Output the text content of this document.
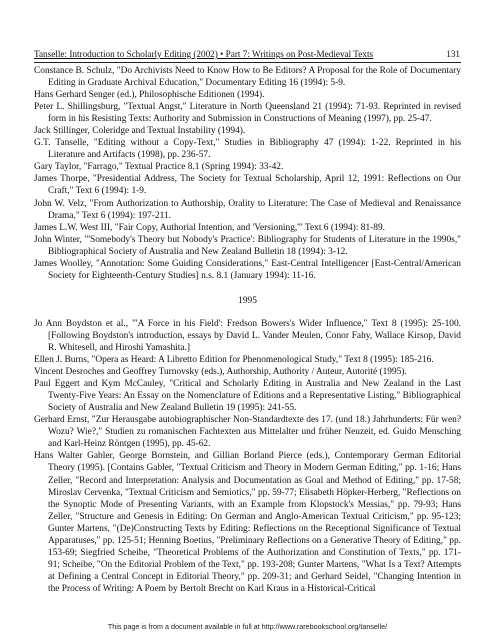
Tanselle: Introduction to Scholarly Editing (2002) • Part 7: Writings on Post-Medieval Texts	131

Constance B. Schulz, "Do Archivists Need to Know How to Be Editors? A Proposal for the Role of Documentary Editing in Graduate Archival Education," Documentary Editing 16 (1994): 5-9.

Hans Gerhard Senger (ed.), Philosophische Editionen (1994).

Peter L. Shillingsburg, "Textual Angst," Literature in North Queensland 21 (1994): 71-93. Reprinted in revised form in his Resisting Texts: Authority and Submission in Constructions of Meaning (1997), pp. 25-47.

Jack Stillinger, Coleridge and Textual Instability (1994).

G.T. Tanselle, "Editing without a Copy-Text," Studies in Bibliography 47 (1994): 1-22. Reprinted in his Literature and Artifacts (1998), pp. 236-57.

Gary Taylor, "Farrago," Textual Practice 8.1 (Spring 1994): 33-42.

James Thorpe, "Presidential Address, The Society for Textual Scholarship, April 12, 1991: Reflections on Our Craft," Text 6 (1994): 1-9.

John W. Velz, "From Authorization to Authorship, Orality to Literature: The Case of Medieval and Renaissance Drama," Text 6 (1994): 197-211.

James L.W. West III, "Fair Copy, Authorial Intention, and 'Versioning,'" Text 6 (1994): 81-89.

John Winter, "'Somebody's Theory but Nobody's Practice': Bibliography for Students of Literature in the 1990s," Bibliographical Society of Australia and New Zealand Bulletin 18 (1994): 3-12.

James Woolley, "Annotation: Some Guiding Considerations," East-Central Intelligencer [East-Central/American Society for Eighteenth-Century Studies] n.s. 8.1 (January 1994): 11-16.

1995

Jo Ann Boydston et al., "'A Force in his Field': Fredson Bowers's Wider Influence," Text 8 (1995): 25-100. [Following Boydston's introduction, essays by David L. Vander Meulen, Conor Fahy, Wallace Kirsop, David R. Whitesell, and Hiroshi Yamashita.]

Ellen J. Burns, "Opera as Heard: A Libretto Edition for Phenomenological Study," Text 8 (1995): 185-216.

Vincent Desroches and Geoffrey Turnovsky (eds.), Authorship, Authority / Auteur, Autorité (1995).

Paul Eggert and Kym McCauley, "Critical and Scholarly Editing in Australia and New Zealand in the Last Twenty-Five Years: An Essay on the Nomenclature of Editions and a Representative Listing," Bibliographical Society of Australia and New Zealand Bulletin 19 (1995): 241-55.

Gerhard Ernst, "Zur Herausgabe autobiographischer Non-Standardtexte des 17. (und 18.) Jahrhunderts: Für wen? Wozu? Wie?," Studien zu romanischen Fachtexten aus Mittelalter und früher Neuzeit, ed. Guido Mensching and Karl-Heinz Röntgen (1995), pp. 45-62.

Hans Walter Gabler, George Bornstein, and Gillian Borland Pierce (eds.), Contemporary German Editorial Theory (1995). [Contains Gabler, "Textual Criticism and Theory in Modern German Editing," pp. 1-16; Hans Zeller, "Record and Interpretation: Analysis and Documentation as Goal and Method of Editing," pp. 17-58; Miroslav Cervenka, "Textual Criticism and Semiotics," pp. 59-77; Elisabeth Höpker-Herberg, "Reflections on the Synoptic Mode of Presenting Variants, with an Example from Klopstock's Messias," pp. 79-93; Hans Zeller, "Structure and Genesis in Editing: On German and Anglo-American Textual Criticism," pp. 95-123; Gunter Martens, "(De)Constructing Texts by Editing: Reflections on the Receptional Significance of Textual Apparatuses," pp. 125-51; Henning Boetius, "Preliminary Reflections on a Generative Theory of Editing," pp. 153-69; Siegfried Scheibe, "Theoretical Problems of the Authorization and Constitution of Texts," pp. 171-91; Scheibe, "On the Editorial Problem of the Text," pp. 193-208; Gunter Martens, "What Is a Text? Attempts at Defining a Central Concept in Editorial Theory," pp. 209-31; and Gerhard Seidel, "Changing Intention in the Process of Writing: A Poem by Bertolt Brecht on Karl Kraus in a Historical-Critical

This page is from a document available in full at http://www.rarebookschool.org/tanselle/
